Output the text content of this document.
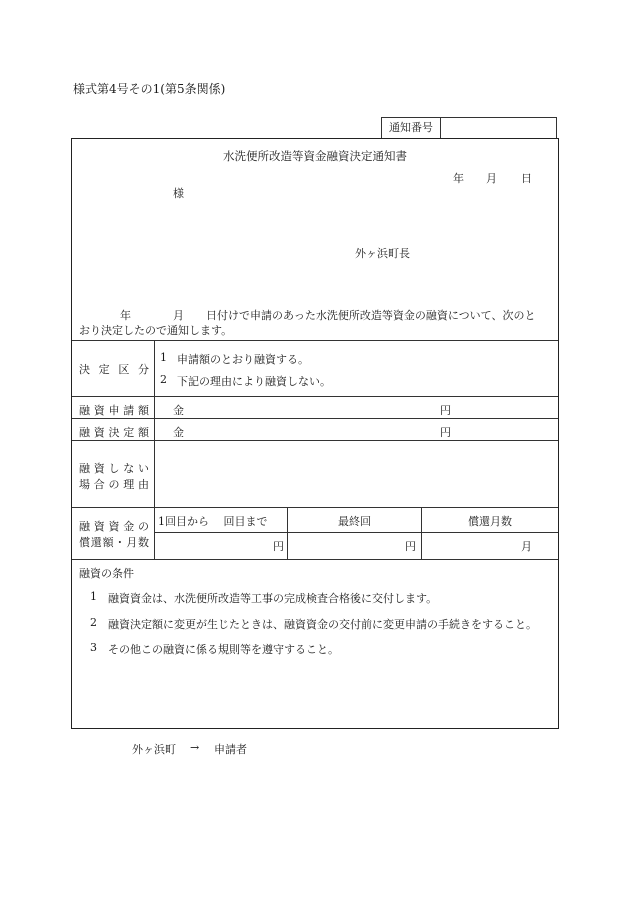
様式第4号その1(第5条関係)
通知番号
水洗便所改造等資金融資決定通知書
年 月 日
様
外ヶ浜町長
年	月 日付けで申請のあった水洗便所改造等資金の融資について、次のと
おり決定したので通知します。
決定区分
1 申請額のとおり融資する。
2 下記の理由により融資しない。
融資申請額 金	円
融資決定額 金	円
融資しない
場合の理由
融資資金の
償還額・月数
1回目から　 回目まで	最終回	償還月数
円	円	月
融資の条件
1 融資資金は、水洗便所改造等工事の完成検査合格後に交付します。
2 融資決定額に変更が生じたときは、融資資金の交付前に変更申請の手続きをすること。
3 その他この融資に係る規則等を遵守すること。
外ヶ浜町 → 申請者
